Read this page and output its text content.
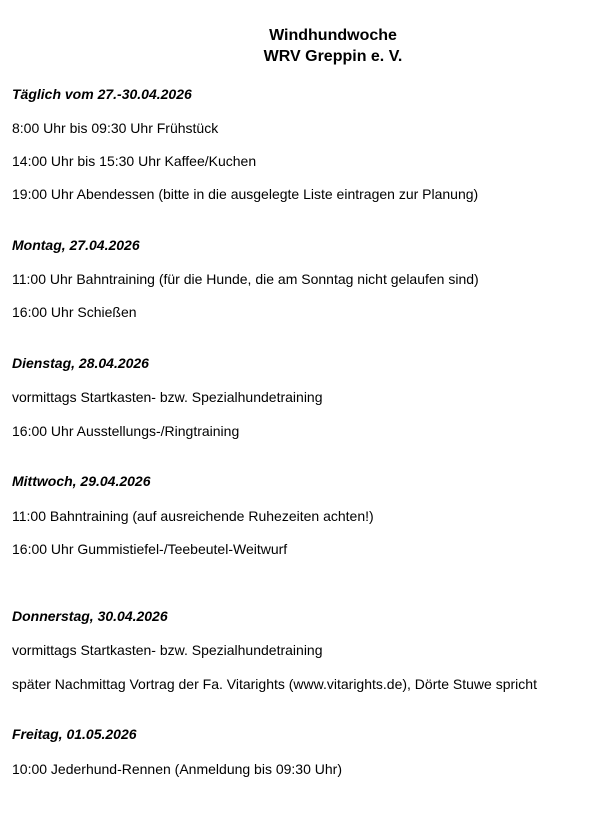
Windhundwoche
WRV Greppin e. V.
Täglich vom 27.-30.04.2026
8:00 Uhr bis 09:30 Uhr Frühstück
14:00 Uhr bis 15:30 Uhr Kaffee/Kuchen
19:00 Uhr Abendessen (bitte in die ausgelegte Liste eintragen zur Planung)
Montag, 27.04.2026
11:00 Uhr Bahntraining (für die Hunde, die am Sonntag nicht gelaufen sind)
16:00 Uhr Schießen
Dienstag, 28.04.2026
vormittags Startkasten- bzw. Spezialhundetraining
16:00 Uhr Ausstellungs-/Ringtraining
Mittwoch, 29.04.2026
11:00 Bahntraining (auf ausreichende Ruhezeiten achten!)
16:00 Uhr Gummistiefel-/Teebeutel-Weitwurf
Donnerstag, 30.04.2026
vormittags Startkasten- bzw. Spezialhundetraining
später Nachmittag Vortrag der Fa. Vitarights (www.vitarights.de), Dörte Stuwe spricht
Freitag, 01.05.2026
10:00 Jederhund-Rennen (Anmeldung bis 09:30 Uhr)
